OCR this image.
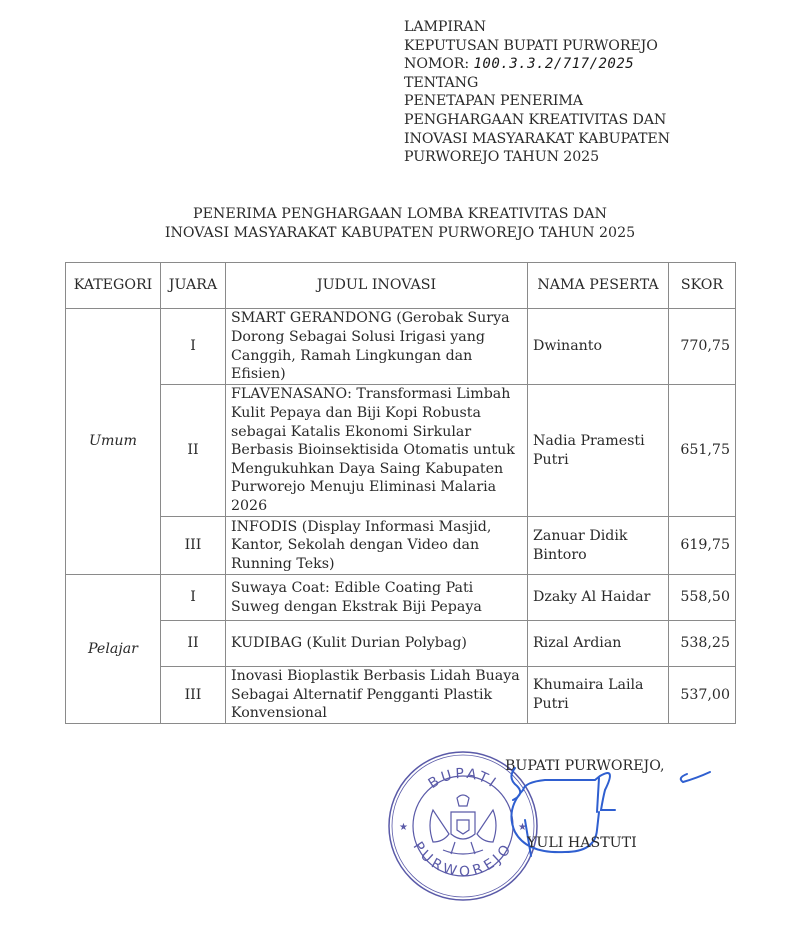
LAMPIRAN
KEPUTUSAN BUPATI PURWOREJO
NOMOR: 100.3.3.2/717/2025
TENTANG
PENETAPAN PENERIMA
PENGHARGAAN KREATIVITAS DAN
INOVASI MASYARAKAT KABUPATEN
PURWOREJO TAHUN 2025
PENERIMA PENGHARGAAN LOMBA KREATIVITAS DAN
INOVASI MASYARAKAT KABUPATEN PURWOREJO TAHUN 2025
KATEGORI	JUARA	JUDUL INOVASI	NAMA PESERTA	SKOR
Umum	I	SMART GERANDONG (Gerobak Surya Dorong Sebagai Solusi Irigasi yang Canggih, Ramah Lingkungan dan Efisien)	Dwinanto	770,75
	II	FLAVENASANO: Transformasi Limbah Kulit Pepaya dan Biji Kopi Robusta sebagai Katalis Ekonomi Sirkular Berbasis Bioinsektisida Otomatis untuk Mengukuhkan Daya Saing Kabupaten Purworejo Menuju Eliminasi Malaria 2026	Nadia Pramesti Putri	651,75
	III	INFODIS (Display Informasi Masjid, Kantor, Sekolah dengan Video dan Running Teks)	Zanuar Didik Bintoro	619,75
Pelajar	I	Suwaya Coat: Edible Coating Pati Suweg dengan Ekstrak Biji Pepaya	Dzaky Al Haidar	558,50
	II	KUDIBAG (Kulit Durian Polybag)	Rizal Ardian	538,25
	III	Inovasi Bioplastik Berbasis Lidah Buaya Sebagai Alternatif Pengganti Plastik Konvensional	Khumaira Laila Putri	537,00
BUPATI
PURWOREJO
★	★
BUPATI PURWOREJO,
YULI HASTUTI
